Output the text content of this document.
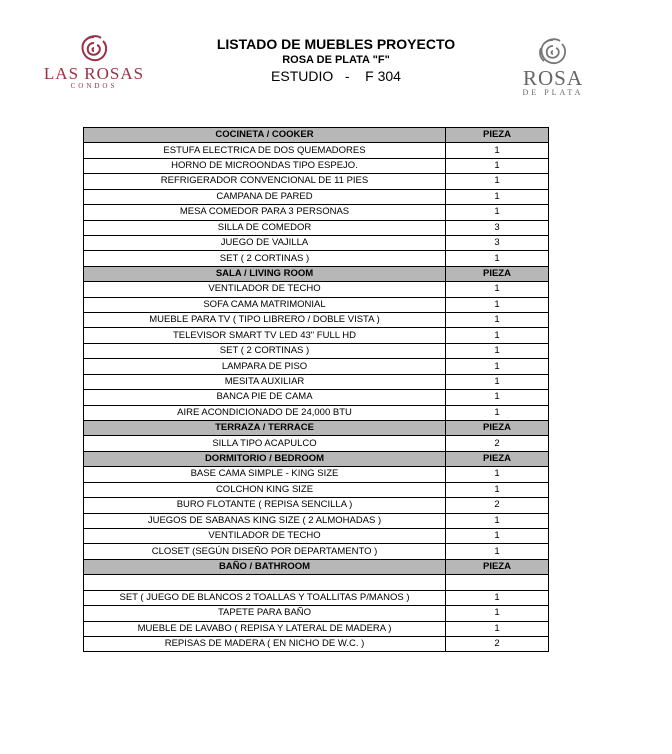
LAS ROSAS
CONDOS
LISTADO DE MUEBLES PROYECTO
ROSA DE PLATA "F"
ESTUDIO   -    F 304	ROSA
DE PLATA
COCINETA / COOKER	PIEZA
ESTUFA ELECTRICA DE DOS QUEMADORES	1
HORNO DE MICROONDAS TIPO ESPEJO.	1
REFRIGERADOR CONVENCIONAL DE 11 PIES	1
CAMPANA DE PARED	1
MESA COMEDOR PARA 3 PERSONAS	1
SILLA DE COMEDOR	3
JUEGO DE VAJILLA	3
SET ( 2 CORTINAS )	1
SALA / LIVING ROOM	PIEZA
VENTILADOR DE TECHO	1
SOFA CAMA MATRIMONIAL	1
MUEBLE PARA TV ( TIPO LIBRERO / DOBLE VISTA )	1
TELEVISOR SMART TV LED 43" FULL HD	1
SET ( 2 CORTINAS )	1
LAMPARA DE PISO	1
MESITA AUXILIAR	1
BANCA PIE DE CAMA	1
AIRE ACONDICIONADO DE 24,000 BTU	1
TERRAZA / TERRACE	PIEZA
SILLA TIPO ACAPULCO	2
DORMITORIO / BEDROOM	PIEZA
BASE CAMA SIMPLE - KING SIZE	1
COLCHON KING SIZE	1
BURO FLOTANTE ( REPISA SENCILLA )	2
JUEGOS DE SABANAS KING SIZE ( 2 ALMOHADAS )	1
VENTILADOR DE TECHO	1
CLOSET (SEGÚN DISEÑO POR DEPARTAMENTO )	1
BAÑO / BATHROOM	PIEZA

SET ( JUEGO DE BLANCOS 2 TOALLAS Y TOALLITAS P/MANOS )	1
TAPETE PARA BAÑO	1
MUEBLE DE LAVABO ( REPISA Y LATERAL DE MADERA )	1
REPISAS DE MADERA ( EN NICHO DE W.C. )	2
